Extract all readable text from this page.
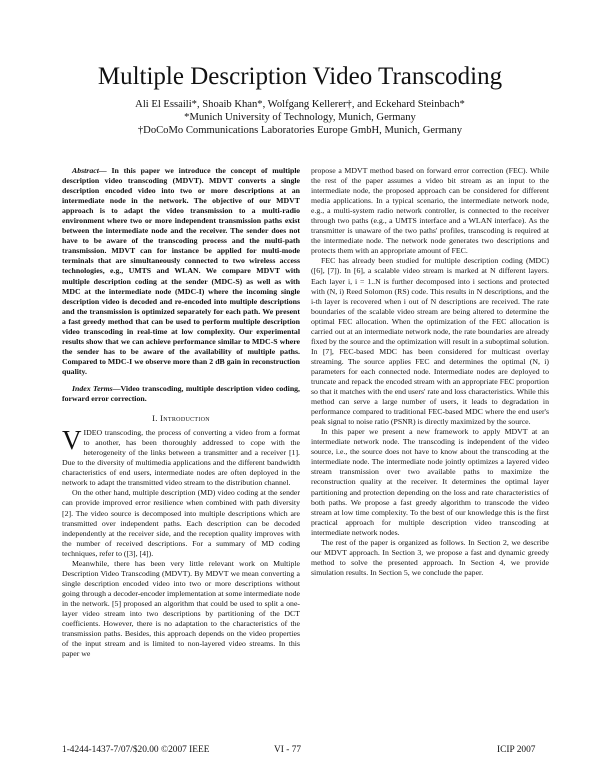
Multiple Description Video Transcoding
Ali El Essaili*, Shoaib Khan*, Wolfgang Kellerer†, and Eckehard Steinbach*
*Munich University of Technology, Munich, Germany
†DoCoMo Communications Laboratories Europe GmbH, Munich, Germany

Abstract— In this paper we introduce the concept of multiple description video transcoding (MDVT). MDVT converts a single description encoded video into two or more descriptions at an intermediate node in the network. The objective of our MDVT approach is to adapt the video transmission to a multi-radio environment where two or more independent transmission paths exist between the intermediate node and the receiver. The sender does not have to be aware of the transcoding process and the multi-path transmission. MDVT can for instance be applied for multi-mode terminals that are simultaneously connected to two wireless access technologies, e.g., UMTS and WLAN. We compare MDVT with multiple description coding at the sender (MDC-S) as well as with MDC at the intermediate node (MDC-I) where the incoming single description video is decoded and re-encoded into multiple descriptions and the transmission is optimized separately for each path. We present a fast greedy method that can be used to perform multiple description video transcoding in real-time at low complexity. Our experimental results show that we can achieve performance similar to MDC-S where the sender has to be aware of the availability of multiple paths. Compared to MDC-I we observe more than 2 dB gain in reconstruction quality.

Index Terms—Video transcoding, multiple description video coding, forward error correction.

I. Introduction

VIDEO transcoding, the process of converting a video from a format to another, has been thoroughly addressed to cope with the heterogeneity of the links between a transmitter and a receiver [1]. Due to the diversity of multimedia applications and the different bandwidth characteristics of end users, intermediate nodes are often deployed in the network to adapt the transmitted video stream to the distribution channel.

On the other hand, multiple description (MD) video coding at the sender can provide improved error resilience when combined with path diversity [2]. The video source is decomposed into multiple descriptions which are transmitted over independent paths. Each description can be decoded independently at the receiver side, and the reception quality improves with the number of received descriptions. For a summary of MD coding techniques, refer to ([3], [4]).

Meanwhile, there has been very little relevant work on Multiple Description Video Transcoding (MDVT). By MDVT we mean converting a single description encoded video into two or more descriptions without going through a decoder-encoder implementation at some intermediate node in the network. [5] proposed an algorithm that could be used to split a one-layer video stream into two descriptions by partitioning of the DCT coefficients. However, there is no adaptation to the characteristics of the transmission paths. Besides, this approach depends on the video properties of the input stream and is limited to non-layered video streams. In this paper we

propose a MDVT method based on forward error correction (FEC). While the rest of the paper assumes a video bit stream as an input to the intermediate node, the proposed approach can be considered for different media applications. In a typical scenario, the intermediate network node, e.g., a multi-system radio network controller, is connected to the receiver through two paths (e.g., a UMTS interface and a WLAN interface). As the transmitter is unaware of the two paths' profiles, transcoding is required at the intermediate node. The network node generates two descriptions and protects them with an appropriate amount of FEC.

FEC has already been studied for multiple description coding (MDC) ([6], [7]). In [6], a scalable video stream is marked at N different layers. Each layer i, i = 1..N is further decomposed into i sections and protected with (N, i) Reed Solomon (RS) code. This results in N descriptions, and the i-th layer is recovered when i out of N descriptions are received. The rate boundaries of the scalable video stream are being altered to determine the optimal FEC allocation. When the optimization of the FEC allocation is carried out at an intermediate network node, the rate boundaries are already fixed by the source and the optimization will result in a suboptimal solution. In [7], FEC-based MDC has been considered for multicast overlay streaming. The source applies FEC and determines the optimal (N, i) parameters for each connected node. Intermediate nodes are deployed to truncate and repack the encoded stream with an appropriate FEC proportion so that it matches with the end users' rate and loss characteristics. While this method can serve a large number of users, it leads to degradation in performance compared to traditional FEC-based MDC where the end user's peak signal to noise ratio (PSNR) is directly maximized by the source.

In this paper we present a new framework to apply MDVT at an intermediate network node. The transcoding is independent of the video source, i.e., the source does not have to know about the transcoding at the intermediate node. The intermediate node jointly optimizes a layered video stream transmission over two available paths to maximize the reconstruction quality at the receiver. It determines the optimal layer partitioning and protection depending on the loss and rate characteristics of both paths. We propose a fast greedy algorithm to transcode the video stream at low time complexity. To the best of our knowledge this is the first practical approach for multiple description video transcoding at intermediate network nodes.

The rest of the paper is organized as follows. In Section 2, we describe our MDVT approach. In Section 3, we propose a fast and dynamic greedy method to solve the presented approach. In Section 4, we provide simulation results. In Section 5, we conclude the paper.

1-4244-1437-7/07/$20.00 ©2007 IEEE	VI - 77	ICIP 2007
